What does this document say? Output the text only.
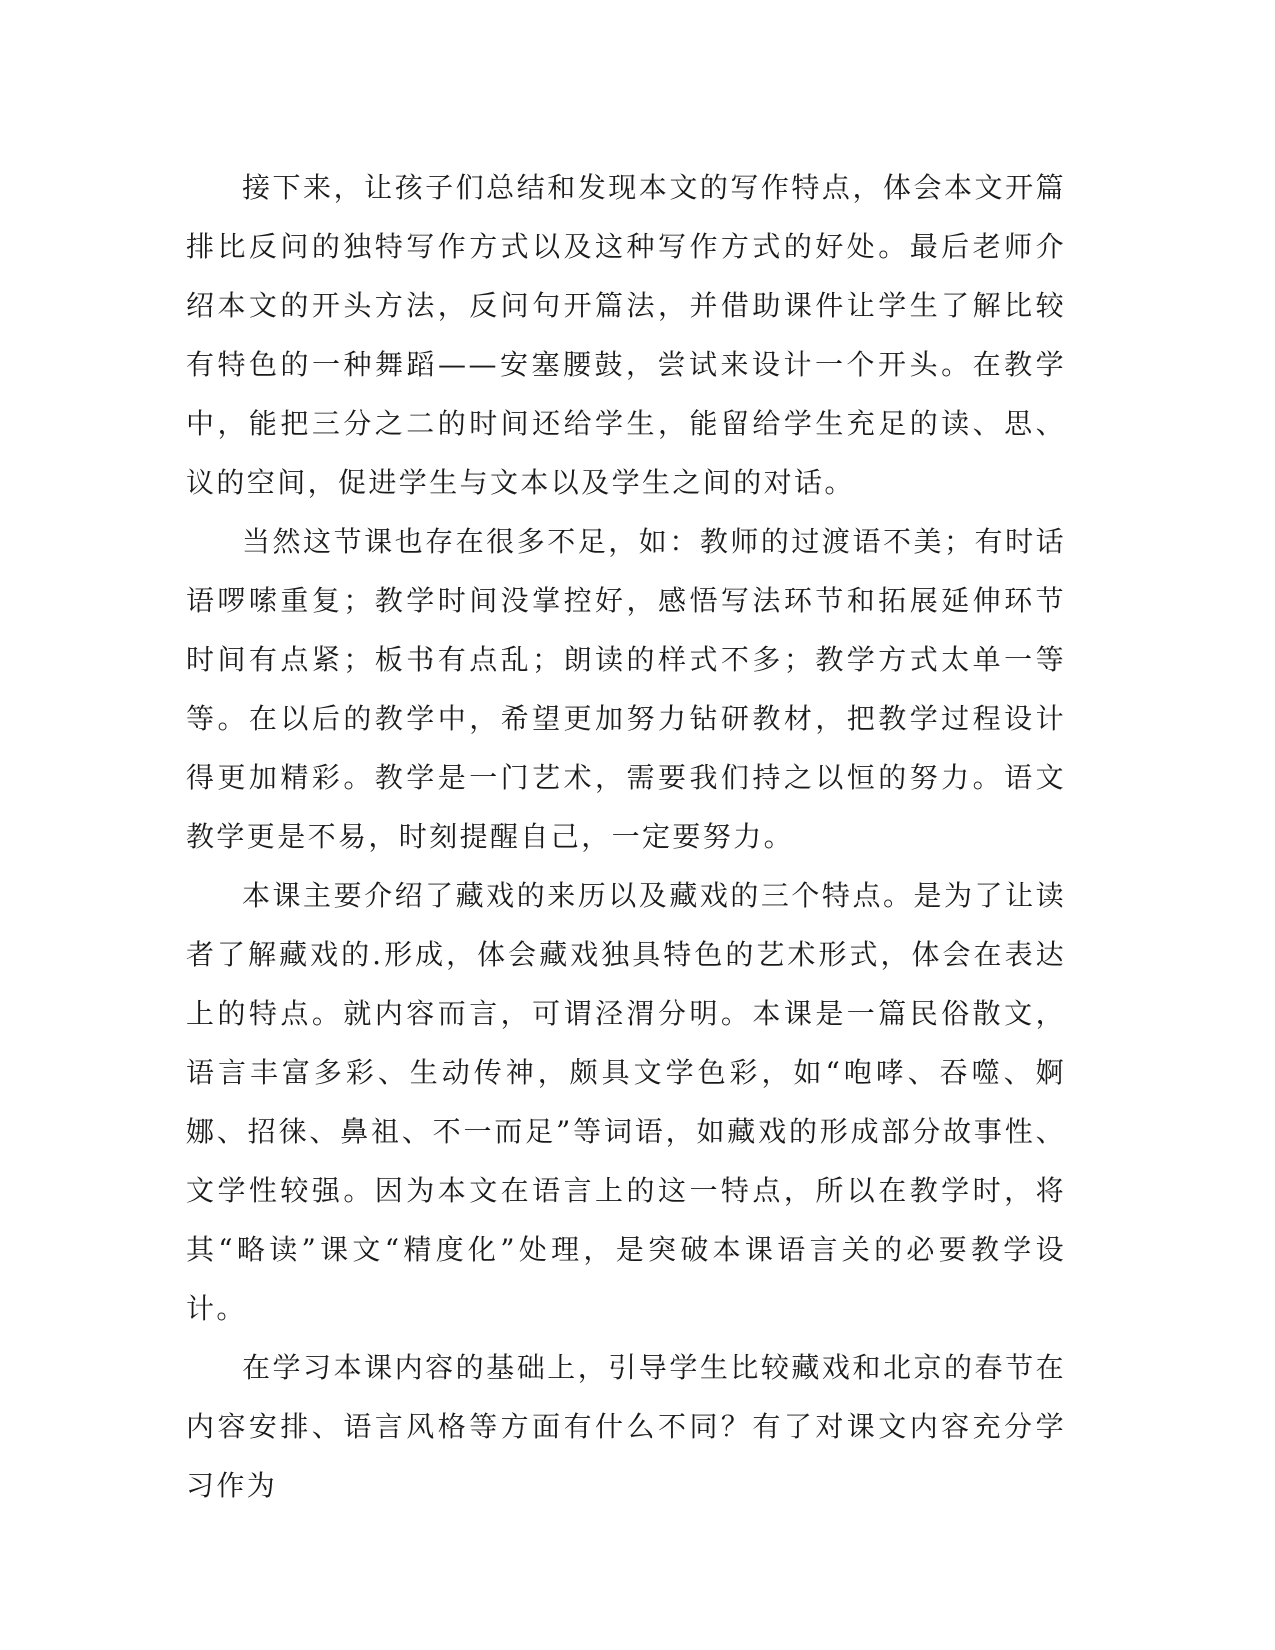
接下来，让孩子们总结和发现本文的写作特点，体会本文开篇排比反问的独特写作方式以及这种写作方式的好处。最后老师介绍本文的开头方法，反问句开篇法，并借助课件让学生了解比较有特色的一种舞蹈——安塞腰鼓，尝试来设计一个开头。在教学中，能把三分之二的时间还给学生，能留给学生充足的读、思、议的空间，促进学生与文本以及学生之间的对话。

当然这节课也存在很多不足，如：教师的过渡语不美；有时话语啰嗦重复；教学时间没掌控好，感悟写法环节和拓展延伸环节时间有点紧；板书有点乱；朗读的样式不多；教学方式太单一等等。在以后的教学中，希望更加努力钻研教材，把教学过程设计得更加精彩。教学是一门艺术，需要我们持之以恒的努力。语文教学更是不易，时刻提醒自己，一定要努力。

本课主要介绍了藏戏的来历以及藏戏的三个特点。是为了让读者了解藏戏的.形成，体会藏戏独具特色的艺术形式，体会在表达上的特点。就内容而言，可谓泾渭分明。本课是一篇民俗散文，语言丰富多彩、生动传神，颇具文学色彩，如“咆哮、吞噬、婀娜、招徕、鼻祖、不一而足”等词语，如藏戏的形成部分故事性、文学性较强。因为本文在语言上的这一特点，所以在教学时，将其“略读”课文“精度化”处理，是突破本课语言关的必要教学设计。

在学习本课内容的基础上，引导学生比较藏戏和北京的春节在内容安排、语言风格等方面有什么不同？有了对课文内容充分学习作为
